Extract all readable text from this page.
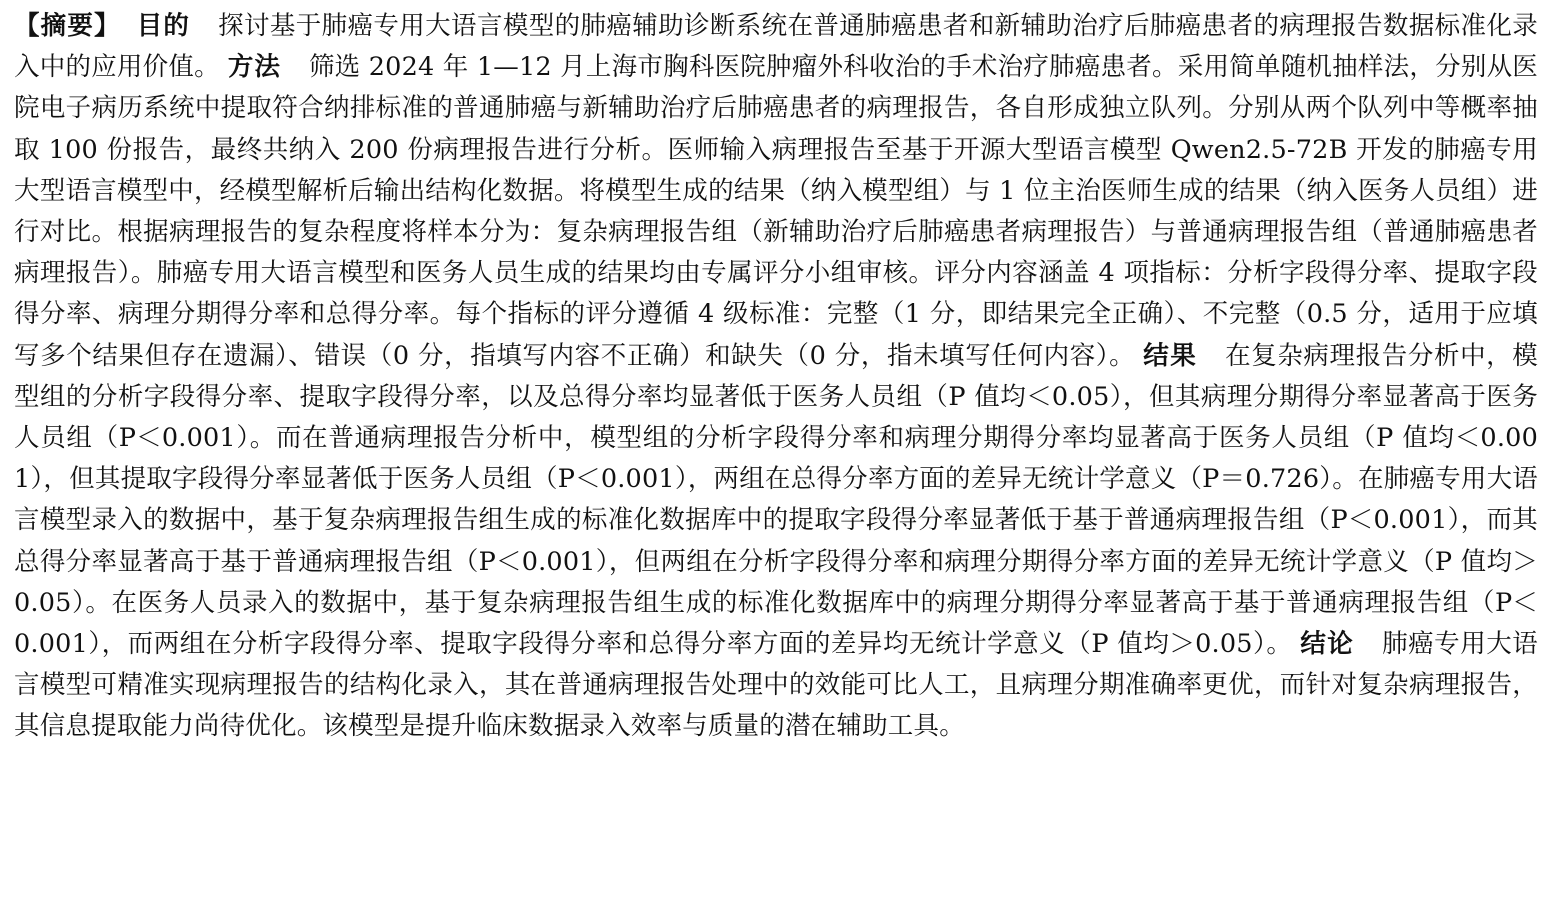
【摘要】 目的 探讨基于肺癌专用大语言模型的肺癌辅助诊断系统在普通肺癌患者和新辅助治疗后肺癌患者的病理报告数据标准化录入中的应用价值。 方法 筛选 2024 年 1—12 月上海市胸科医院肿瘤外科收治的手术治疗肺癌患者。采用简单随机抽样法，分别从医院电子病历系统中提取符合纳排标准的普通肺癌与新辅助治疗后肺癌患者的病理报告，各自形成独立队列。分别从两个队列中等概率抽取 100 份报告，最终共纳入 200 份病理报告进行分析。医师输入病理报告至基于开源大型语言模型 Qwen2.5-72B 开发的肺癌专用大型语言模型中，经模型解析后输出结构化数据。将模型生成的结果（纳入模型组）与 1 位主治医师生成的结果（纳入医务人员组）进行对比。根据病理报告的复杂程度将样本分为：复杂病理报告组（新辅助治疗后肺癌患者病理报告）与普通病理报告组（普通肺癌患者病理报告）。肺癌专用大语言模型和医务人员生成的结果均由专属评分小组审核。评分内容涵盖 4 项指标：分析字段得分率、提取字段得分率、病理分期得分率和总得分率。每个指标的评分遵循 4 级标准：完整（1 分，即结果完全正确）、不完整（0.5 分，适用于应填写多个结果但存在遗漏）、错误（0 分，指填写内容不正确）和缺失（0 分，指未填写任何内容）。 结果 在复杂病理报告分析中，模型组的分析字段得分率、提取字段得分率，以及总得分率均显著低于医务人员组（P 值均＜0.05），但其病理分期得分率显著高于医务人员组（P＜0.001）。而在普通病理报告分析中，模型组的分析字段得分率和病理分期得分率均显著高于医务人员组（P 值均＜0.001），但其提取字段得分率显著低于医务人员组（P＜0.001），两组在总得分率方面的差异无统计学意义（P＝0.726）。在肺癌专用大语言模型录入的数据中，基于复杂病理报告组生成的标准化数据库中的提取字段得分率显著低于基于普通病理报告组（P＜0.001），而其总得分率显著高于基于普通病理报告组（P＜0.001），但两组在分析字段得分率和病理分期得分率方面的差异无统计学意义（P 值均＞0.05）。在医务人员录入的数据中，基于复杂病理报告组生成的标准化数据库中的病理分期得分率显著高于基于普通病理报告组（P＜0.001），而两组在分析字段得分率、提取字段得分率和总得分率方面的差异均无统计学意义（P 值均＞0.05）。 结论 肺癌专用大语言模型可精准实现病理报告的结构化录入，其在普通病理报告处理中的效能可比人工，且病理分期准确率更优，而针对复杂病理报告，其信息提取能力尚待优化。该模型是提升临床数据录入效率与质量的潜在辅助工具。
